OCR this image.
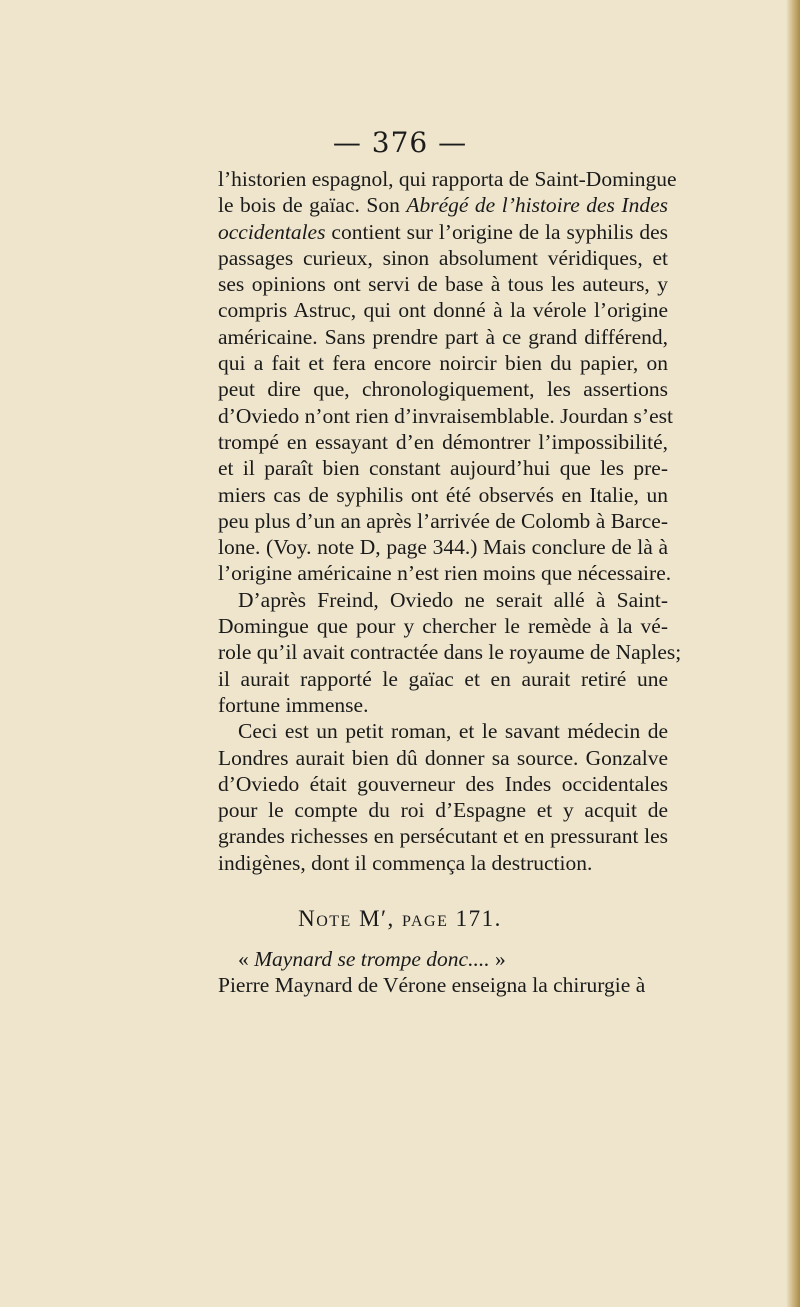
— 376 —

l’historien espagnol, qui rapporta de Saint-Domingue
le bois de gaïac. Son Abrégé de l’histoire des Indes
occidentales contient sur l’origine de la syphilis des
passages curieux, sinon absolument véridiques, et
ses opinions ont servi de base à tous les auteurs, y
compris Astruc, qui ont donné à la vérole l’origine
américaine. Sans prendre part à ce grand différend,
qui a fait et fera encore noircir bien du papier, on
peut dire que, chronologiquement, les assertions
d’Oviedo n’ont rien d’invraisemblable. Jourdan s’est
trompé en essayant d’en démontrer l’impossibilité,
et il paraît bien constant aujourd’hui que les pre-
miers cas de syphilis ont été observés en Italie, un
peu plus d’un an après l’arrivée de Colomb à Barce-
lone. (Voy. note D, page 344.) Mais conclure de là à
l’origine américaine n’est rien moins que nécessaire.
D’après Freind, Oviedo ne serait allé à Saint-
Domingue que pour y chercher le remède à la vé-
role qu’il avait contractée dans le royaume de Naples;
il aurait rapporté le gaïac et en aurait retiré une
fortune immense.
Ceci est un petit roman, et le savant médecin de
Londres aurait bien dû donner sa source. Gonzalve
d’Oviedo était gouverneur des Indes occidentales
pour le compte du roi d’Espagne et y acquit de
grandes richesses en persécutant et en pressurant les
indigènes, dont il commença la destruction.

Note M′, page 171.

« Maynard se trompe donc.... »
Pierre Maynard de Vérone enseigna la chirurgie à
